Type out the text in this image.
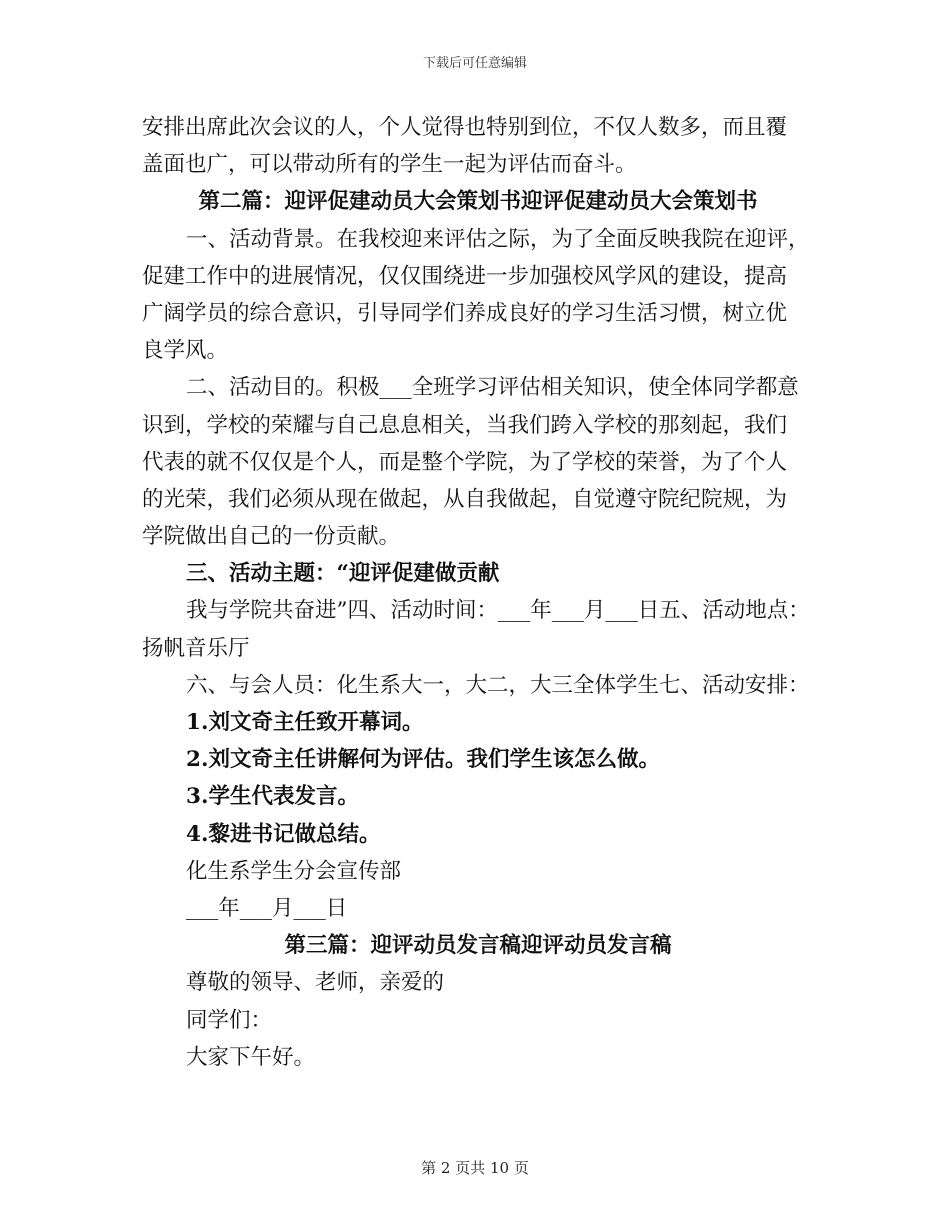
下载后可任意编辑
安排出席此次会议的人，个人觉得也特别到位，不仅人数多，而且覆
盖面也广，可以带动所有的学生一起为评估而奋斗。
第二篇：迎评促建动员大会策划书迎评促建动员大会策划书
一、活动背景。在我校迎来评估之际，为了全面反映我院在迎评，
促建工作中的进展情况，仅仅围绕进一步加强校风学风的建设，提高
广阔学员的综合意识，引导同学们养成良好的学习生活习惯，树立优
良学风。
二、活动目的。积极___全班学习评估相关知识，使全体同学都意
识到，学校的荣耀与自己息息相关，当我们跨入学校的那刻起，我们
代表的就不仅仅是个人，而是整个学院，为了学校的荣誉，为了个人
的光荣，我们必须从现在做起，从自我做起，自觉遵守院纪院规，为
学院做出自己的一份贡献。
三、活动主题：“迎评促建做贡献
我与学院共奋进”四、活动时间：___年___月___日五、活动地点：
扬帆音乐厅
六、与会人员：化生系大一，大二，大三全体学生七、活动安排：
1.刘文奇主任致开幕词。
2.刘文奇主任讲解何为评估。我们学生该怎么做。
3.学生代表发言。
4.黎进书记做总结。
化生系学生分会宣传部
___年___月___日
第三篇：迎评动员发言稿迎评动员发言稿
尊敬的领导、老师，亲爱的
同学们：
大家下午好。
第 2 页共 10 页
